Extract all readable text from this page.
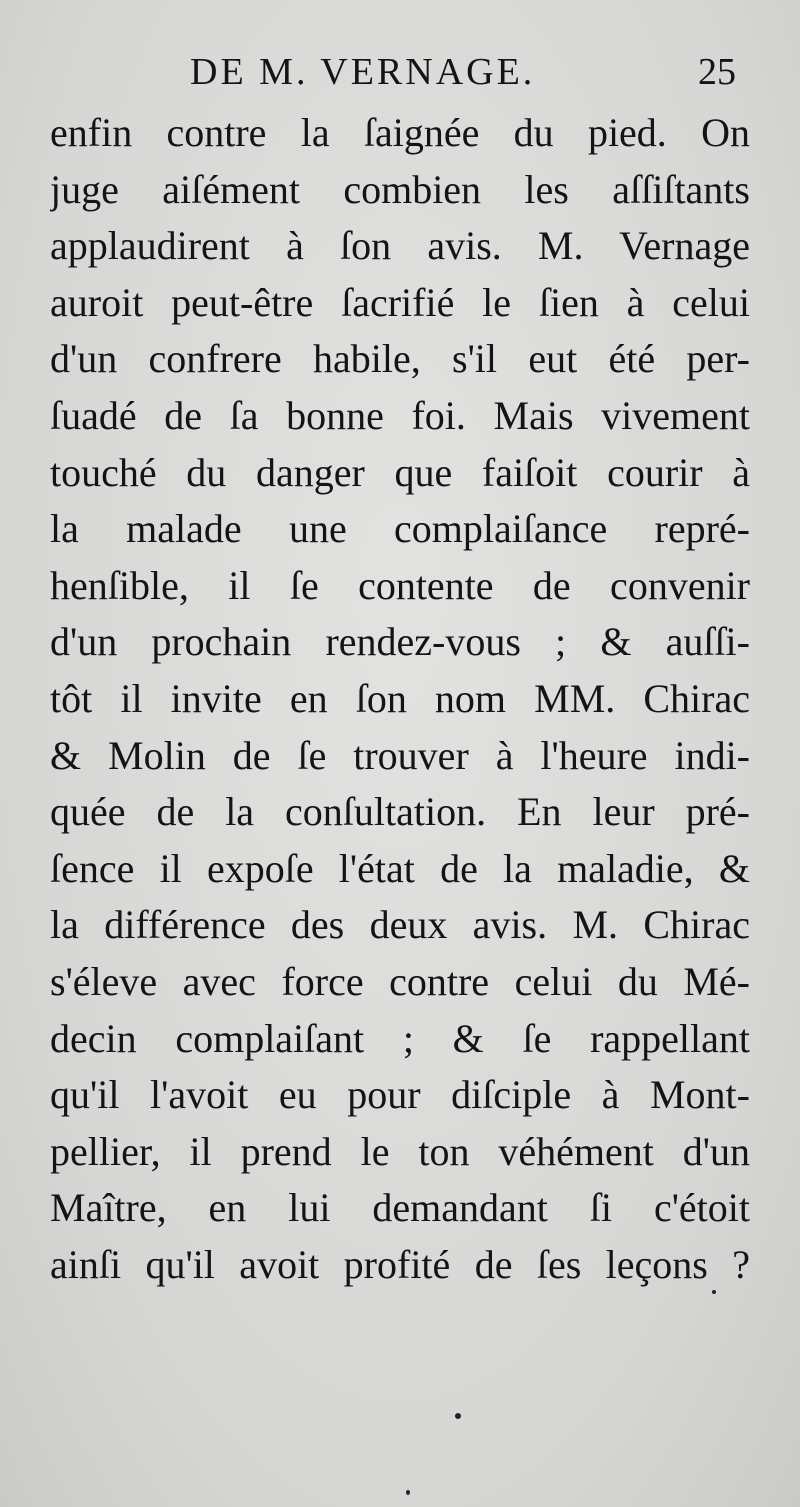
DE M. VERNAGE.	25
enfin contre la ſaignée du pied. On
juge aiſément combien les aſſiſtants
applaudirent à ſon avis. M. Vernage
auroit peut-être ſacrifié le ſien à celui
d'un confrere habile, s'il eut été per-
ſuadé de ſa bonne foi. Mais vivement
touché du danger que faiſoit courir à
la malade une complaiſance repré-
henſible, il ſe contente de convenir
d'un prochain rendez-vous ; & auſſi-
tôt il invite en ſon nom MM. Chirac
& Molin de ſe trouver à l'heure indi-
quée de la conſultation. En leur pré-
ſence il expoſe l'état de la maladie, &
la différence des deux avis. M. Chirac
s'éleve avec force contre celui du Mé-
decin complaiſant ; & ſe rappellant
qu'il l'avoit eu pour diſciple à Mont-
pellier, il prend le ton véhément d'un
Maître, en lui demandant ſi c'étoit
ainſi qu'il avoit profité de ſes leçons ?
